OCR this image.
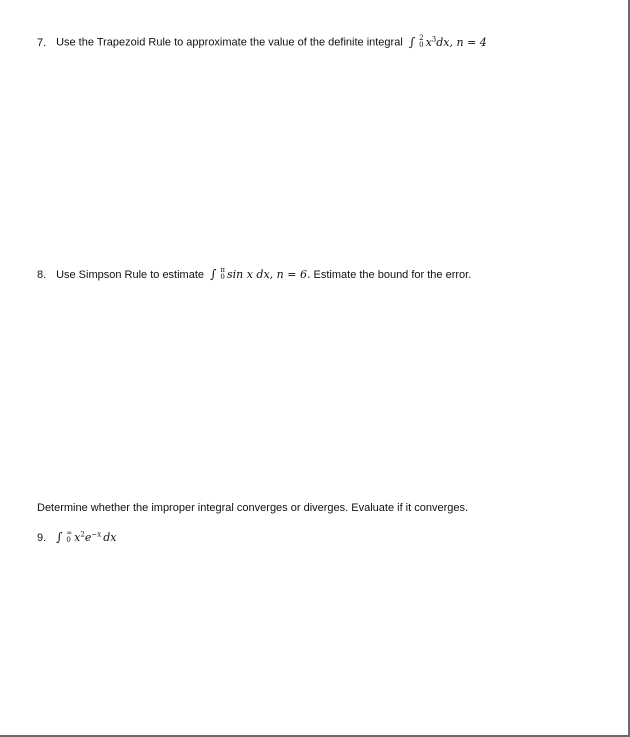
7. Use the Trapezoid Rule to approximate the value of the definite integral ∫ 2
0 $x^3dx$, n = 4
8. Use Simpson Rule to estimate ∫ π
0 sin x dx, n = 6. Estimate the bound for the error.
Determine whether the improper integral converges or diverges. Evaluate if it converges.
9. ∫ ∞
0 $x^2e^{-x}$ dx
